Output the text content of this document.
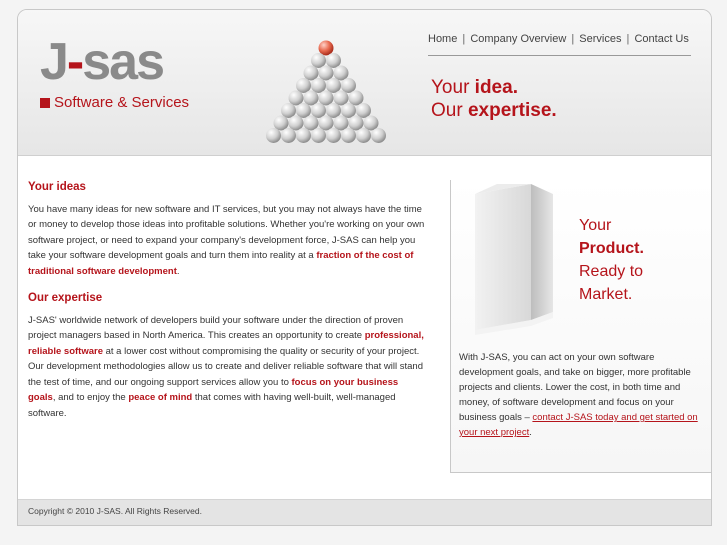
J-sas
Software & Services
Home | Company Overview | Services | Contact Us
Your idea.
Our expertise.
Your ideas

You have many ideas for new software and IT services, but you may not always have the time or money to develop those ideas into profitable solutions. Whether you're working on your own software project, or need to expand your company's development force, J-SAS can help you take your software development goals and turn them into reality at a fraction of the cost of traditional software development.

Our expertise

J-SAS' worldwide network of developers build your software under the direction of proven project managers based in North America. This creates an opportunity to create professional, reliable software at a lower cost without compromising the quality or security of your project. Our development methodologies allow us to create and deliver reliable software that will stand the test of time, and our ongoing support services allow you to focus on your business goals, and to enjoy the peace of mind that comes with having well-built, well-managed software.

Your
Product.
Ready to
Market.
With J-SAS, you can act on your own software development goals, and take on bigger, more profitable projects and clients. Lower the cost, in both time and money, of software development and focus on your business goals – contact J-SAS today and get started on your next project.
Copyright © 2010 J-SAS. All Rights Reserved.
